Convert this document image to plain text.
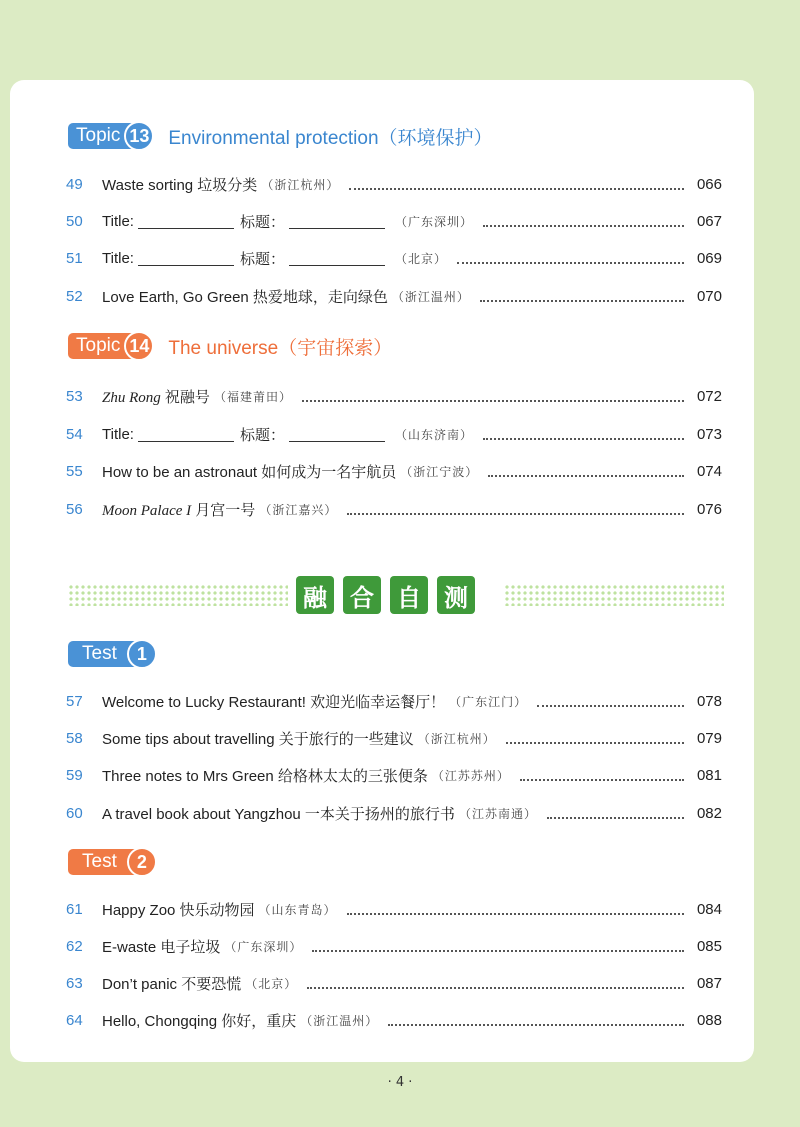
Topic 13 Environmental protection（环境保护）
49	Waste sorting 垃圾分类 （浙江杭州）	066
50	Title:	标题：	（广东深圳）	067
51	Title:	标题：	（北京）	069
52	Love Earth, Go Green 热爱地球，走向绿色 （浙江温州）	070
Topic 14 The universe（宇宙探索）
53	Zhu Rong 祝融号 （福建莆田）	072
54	Title:	标题：	（山东济南）	073
55	How to be an astronaut 如何成为一名宇航员 （浙江宁波）	074
56	Moon Palace I 月宫一号 （浙江嘉兴）	076
融 合 自 测
Test	1
57	Welcome to Lucky Restaurant! 欢迎光临幸运餐厅！ （广东江门）	078
58	Some tips about travelling 关于旅行的一些建议 （浙江杭州）	079
59	Three notes to Mrs Green 给格林太太的三张便条 （江苏苏州）	081
60	A travel book about Yangzhou 一本关于扬州的旅行书 （江苏南通）	082
Test	2
61	Happy Zoo 快乐动物园 （山东青岛）	084
62	E-waste 电子垃圾 （广东深圳）	085
63	Don’t panic 不要恐慌 （北京）	087
64	Hello, Chongqing 你好，重庆 （浙江温州）	088
· 4 ·
